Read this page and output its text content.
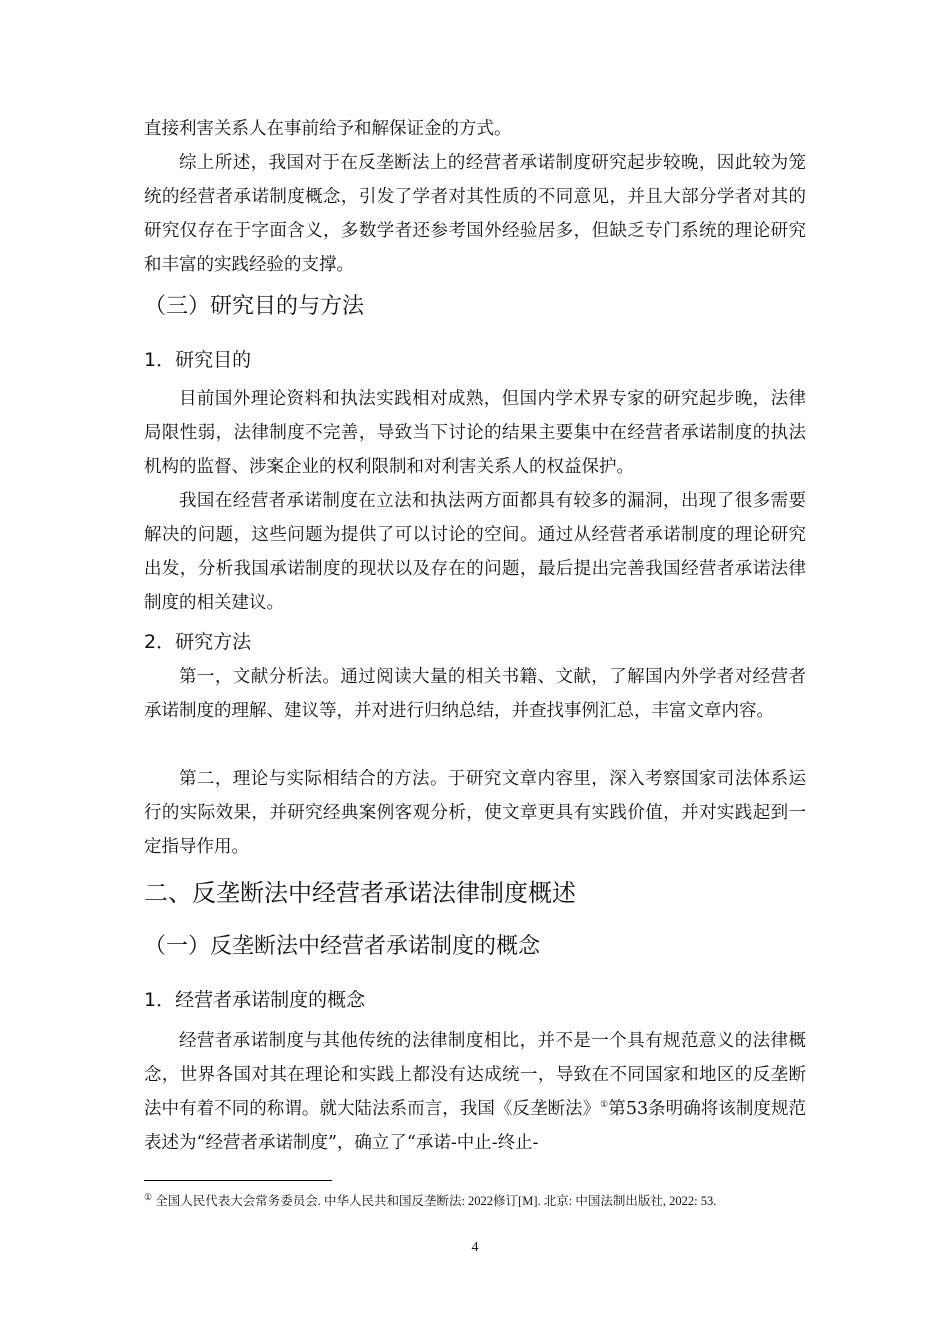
直接利害关系人在事前给予和解保证金的方式。

综上所述，我国对于在反垄断法上的经营者承诺制度研究起步较晚，因此较为笼统的经营者承诺制度概念，引发了学者对其性质的不同意见，并且大部分学者对其的研究仅存在于字面含义，多数学者还参考国外经验居多，但缺乏专门系统的理论研究和丰富的实践经验的支撑。

（三）研究目的与方法
1．研究目的

目前国外理论资料和执法实践相对成熟，但国内学术界专家的研究起步晚，法律局限性弱，法律制度不完善，导致当下讨论的结果主要集中在经营者承诺制度的执法机构的监督、涉案企业的权利限制和对利害关系人的权益保护。

我国在经营者承诺制度在立法和执法两方面都具有较多的漏洞，出现了很多需要解决的问题，这些问题为提供了可以讨论的空间。通过从经营者承诺制度的理论研究出发，分析我国承诺制度的现状以及存在的问题，最后提出完善我国经营者承诺法律制度的相关建议。

2．研究方法

第一，文献分析法。通过阅读大量的相关书籍、文献，了解国内外学者对经营者承诺制度的理解、建议等，并对进行归纳总结，并查找事例汇总，丰富文章内容。

第二，理论与实际相结合的方法。于研究文章内容里，深入考察国家司法体系运行的实际效果，并研究经典案例客观分析，使文章更具有实践价值，并对实践起到一定指导作用。

二、反垄断法中经营者承诺法律制度概述
（一）反垄断法中经营者承诺制度的概念
1．经营者承诺制度的概念

经营者承诺制度与其他传统的法律制度相比，并不是一个具有规范意义的法律概念，世界各国对其在理论和实践上都没有达成统一，导致在不同国家和地区的反垄断法中有着不同的称谓。就大陆法系而言，我国《反垄断法》①第53条明确将该制度规范表述为“经营者承诺制度”，确立了“承诺-中止-终止-

① 全国人民代表大会常务委员会. 中华人民共和国反垄断法: 2022修订[M]. 北京: 中国法制出版社, 2022: 53.
4
